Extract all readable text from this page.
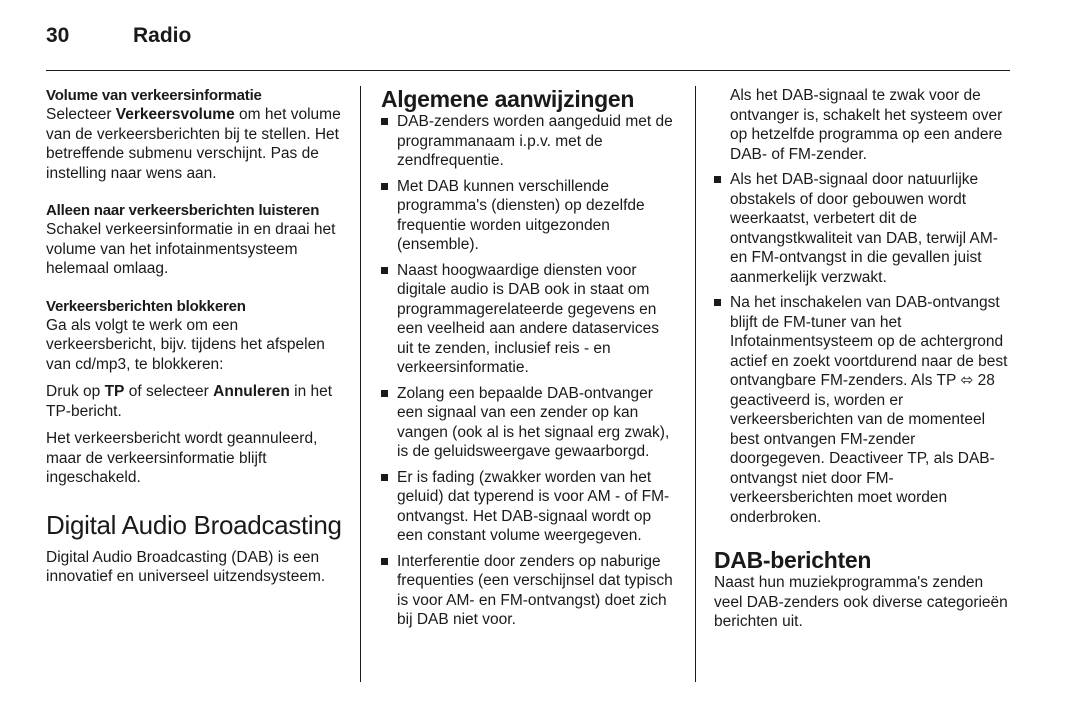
30	Radio

Volume van verkeersinformatie

Selecteer Verkeersvolume om het volume van de verkeersberichten bij te stellen. Het betreffende submenu verschijnt. Pas de instelling naar wens aan.

Alleen naar verkeersberichten luisteren

Schakel verkeersinformatie in en draai het volume van het infotainmentsysteem helemaal omlaag.

Verkeersberichten blokkeren

Ga als volgt te werk om een verkeersbericht, bijv. tijdens het afspelen van cd/mp3, te blokkeren:

Druk op TP of selecteer Annuleren in het TP-bericht.

Het verkeersbericht wordt geannuleerd, maar de verkeersinformatie blijft ingeschakeld.

Digital Audio Broadcasting

Digital Audio Broadcasting (DAB) is een innovatief en universeel uitzendsysteem.

Algemene aanwijzingen

DAB-zenders worden aangeduid met de programmanaam i.p.v. met de zendfrequentie.
Met DAB kunnen verschillende programma's (diensten) op dezelfde frequentie worden uitgezonden (ensemble).
Naast hoogwaardige diensten voor digitale audio is DAB ook in staat om programmagerelateerde gegevens en een veelheid aan andere dataservices uit te zenden, inclusief reis - en verkeersinformatie.
Zolang een bepaalde DAB-ontvanger een signaal van een zender op kan vangen (ook al is het signaal erg zwak), is de geluidsweergave gewaarborgd.
Er is fading (zwakker worden van het geluid) dat typerend is voor AM - of FM-ontvangst. Het DAB-signaal wordt op een constant volume weergegeven.
Interferentie door zenders op naburige frequenties (een verschijnsel dat typisch is voor AM- en FM-ontvangst) doet zich bij DAB niet voor.

Als het DAB-signaal te zwak voor de ontvanger is, schakelt het systeem over op hetzelfde programma op een andere DAB- of FM-zender.

Als het DAB-signaal door natuurlijke obstakels of door gebouwen wordt weerkaatst, verbetert dit de ontvangstkwaliteit van DAB, terwijl AM- en FM-ontvangst in die gevallen juist aanmerkelijk verzwakt.
Na het inschakelen van DAB-ontvangst blijft de FM-tuner van het Infotainmentsysteem op de achtergrond actief en zoekt voortdurend naar de best ontvangbare FM-zenders. Als TP ⬄ 28 geactiveerd is, worden er verkeersberichten van de momenteel best ontvangen FM-zender doorgegeven. Deactiveer TP, als DAB-ontvangst niet door FM-verkeersberichten moet worden onderbroken.

DAB-berichten

Naast hun muziekprogramma's zenden veel DAB-zenders ook diverse categorieën berichten uit.
